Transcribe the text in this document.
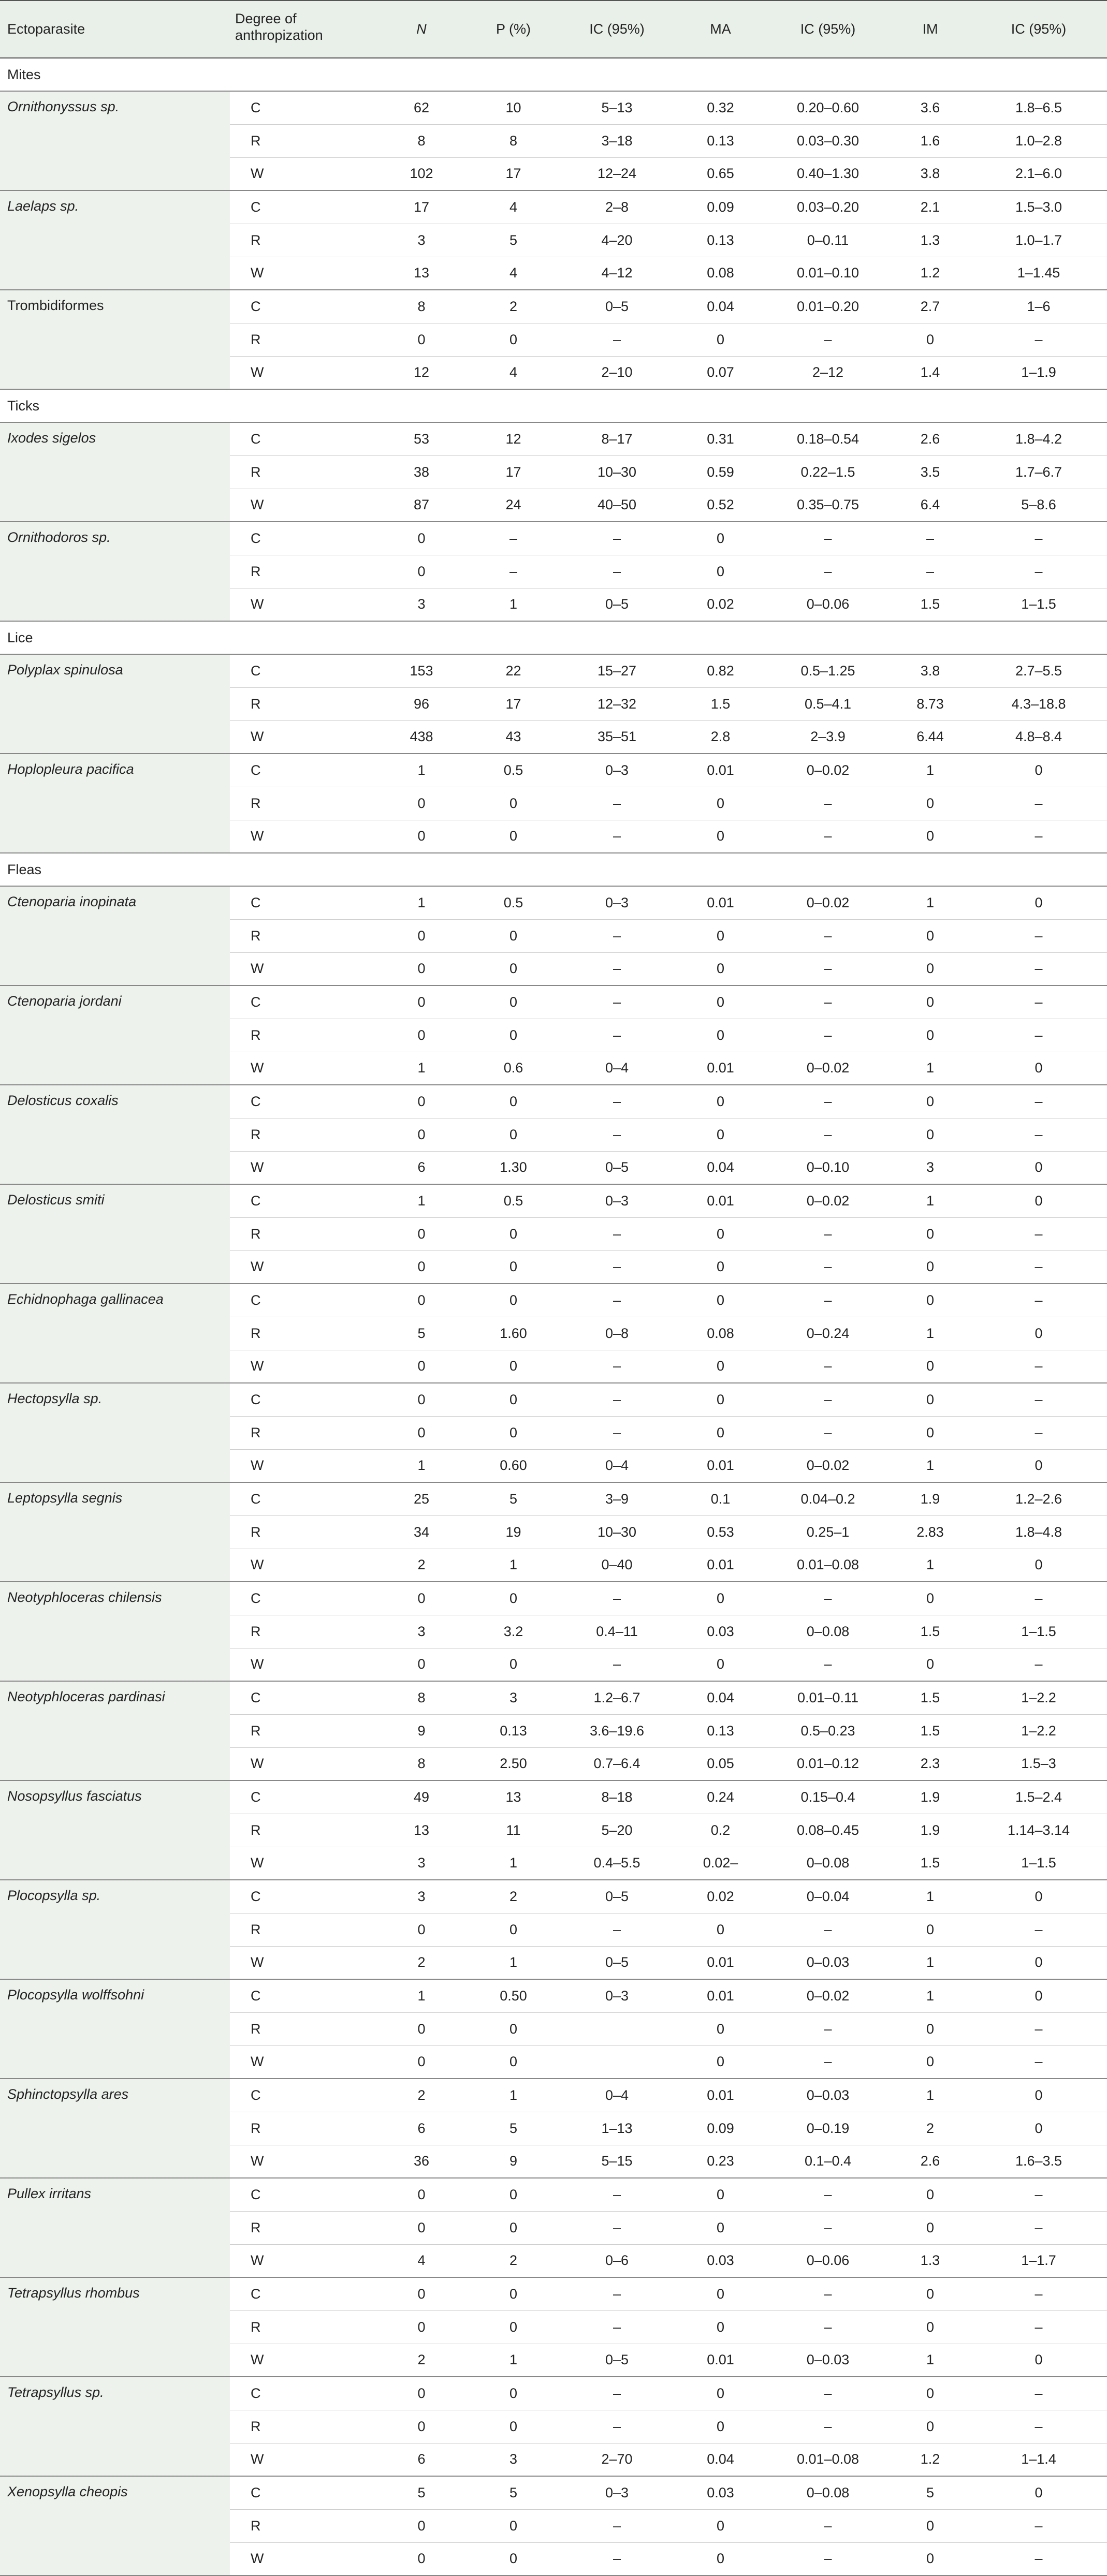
Ectoparasite	Degree of anthropization	N	P (%)	IC (95%)	MA	IC (95%)	IM	IC (95%)
Mites								
Ornithonyssus sp.	C	62	10	5–13	0.32	0.20–0.60	3.6	1.8–6.5
	R	8	8	3–18	0.13	0.03–0.30	1.6	1.0–2.8
	W	102	17	12–24	0.65	0.40–1.30	3.8	2.1–6.0
Laelaps sp.	C	17	4	2–8	0.09	0.03–0.20	2.1	1.5–3.0
	R	3	5	4–20	0.13	0–0.11	1.3	1.0–1.7
	W	13	4	4–12	0.08	0.01–0.10	1.2	1–1.45
Trombidiformes	C	8	2	0–5	0.04	0.01–0.20	2.7	1–6
	R	0	0	–	0	–	0	–
	W	12	4	2–10	0.07	2–12	1.4	1–1.9
Ticks								
Ixodes sigelos	C	53	12	8–17	0.31	0.18–0.54	2.6	1.8–4.2
	R	38	17	10–30	0.59	0.22–1.5	3.5	1.7–6.7
	W	87	24	40–50	0.52	0.35–0.75	6.4	5–8.6
Ornithodoros sp.	C	0	–	–	0	–	–	–
	R	0	–	–	0	–	–	–
	W	3	1	0–5	0.02	0–0.06	1.5	1–1.5
Lice								
Polyplax spinulosa	C	153	22	15–27	0.82	0.5–1.25	3.8	2.7–5.5
	R	96	17	12–32	1.5	0.5–4.1	8.73	4.3–18.8
	W	438	43	35–51	2.8	2–3.9	6.44	4.8–8.4
Hoplopleura pacifica	C	1	0.5	0–3	0.01	0–0.02	1	0
	R	0	0	–	0	–	0	–
	W	0	0	–	0	–	0	–
Fleas								
Ctenoparia inopinata	C	1	0.5	0–3	0.01	0–0.02	1	0
	R	0	0	–	0	–	0	–
	W	0	0	–	0	–	0	–
Ctenoparia jordani	C	0	0	–	0	–	0	–
	R	0	0	–	0	–	0	–
	W	1	0.6	0–4	0.01	0–0.02	1	0
Delosticus coxalis	C	0	0	–	0	–	0	–
	R	0	0	–	0	–	0	–
	W	6	1.30	0–5	0.04	0–0.10	3	0
Delosticus smiti	C	1	0.5	0–3	0.01	0–0.02	1	0
	R	0	0	–	0	–	0	–
	W	0	0	–	0	–	0	–
Echidnophaga gallinacea	C	0	0	–	0	–	0	–
	R	5	1.60	0–8	0.08	0–0.24	1	0
	W	0	0	–	0	–	0	–
Hectopsylla sp.	C	0	0	–	0	–	0	–
	R	0	0	–	0	–	0	–
	W	1	0.60	0–4	0.01	0–0.02	1	0
Leptopsylla segnis	C	25	5	3–9	0.1	0.04–0.2	1.9	1.2–2.6
	R	34	19	10–30	0.53	0.25–1	2.83	1.8–4.8
	W	2	1	0–40	0.01	0.01–0.08	1	0
Neotyphloceras chilensis	C	0	0	–	0	–	0	–
	R	3	3.2	0.4–11	0.03	0–0.08	1.5	1–1.5
	W	0	0	–	0	–	0	–
Neotyphloceras pardinasi	C	8	3	1.2–6.7	0.04	0.01–0.11	1.5	1–2.2
	R	9	0.13	3.6–19.6	0.13	0.5–0.23	1.5	1–2.2
	W	8	2.50	0.7–6.4	0.05	0.01–0.12	2.3	1.5–3
Nosopsyllus fasciatus	C	49	13	8–18	0.24	0.15–0.4	1.9	1.5–2.4
	R	13	11	5–20	0.2	0.08–0.45	1.9	1.14–3.14
	W	3	1	0.4–5.5	0.02–	0–0.08	1.5	1–1.5
Plocopsylla sp.	C	3	2	0–5	0.02	0–0.04	1	0
	R	0	0	–	0	–	0	–
	W	2	1	0–5	0.01	0–0.03	1	0
Plocopsylla wolffsohni	C	1	0.50	0–3	0.01	0–0.02	1	0
	R	0	0		0	–	0	–
	W	0	0		0	–	0	–
Sphinctopsylla ares	C	2	1	0–4	0.01	0–0.03	1	0
	R	6	5	1–13	0.09	0–0.19	2	0
	W	36	9	5–15	0.23	0.1–0.4	2.6	1.6–3.5
Pullex irritans	C	0	0	–	0	–	0	–
	R	0	0	–	0	–	0	–
	W	4	2	0–6	0.03	0–0.06	1.3	1–1.7
Tetrapsyllus rhombus	C	0	0	–	0	–	0	–
	R	0	0	–	0	–	0	–
	W	2	1	0–5	0.01	0–0.03	1	0
Tetrapsyllus sp.	C	0	0	–	0	–	0	–
	R	0	0	–	0	–	0	–
	W	6	3	2–70	0.04	0.01–0.08	1.2	1–1.4
Xenopsylla cheopis	C	5	5	0–3	0.03	0–0.08	5	0
	R	0	0	–	0	–	0	–
	W	0	0	–	0	–	0	–
